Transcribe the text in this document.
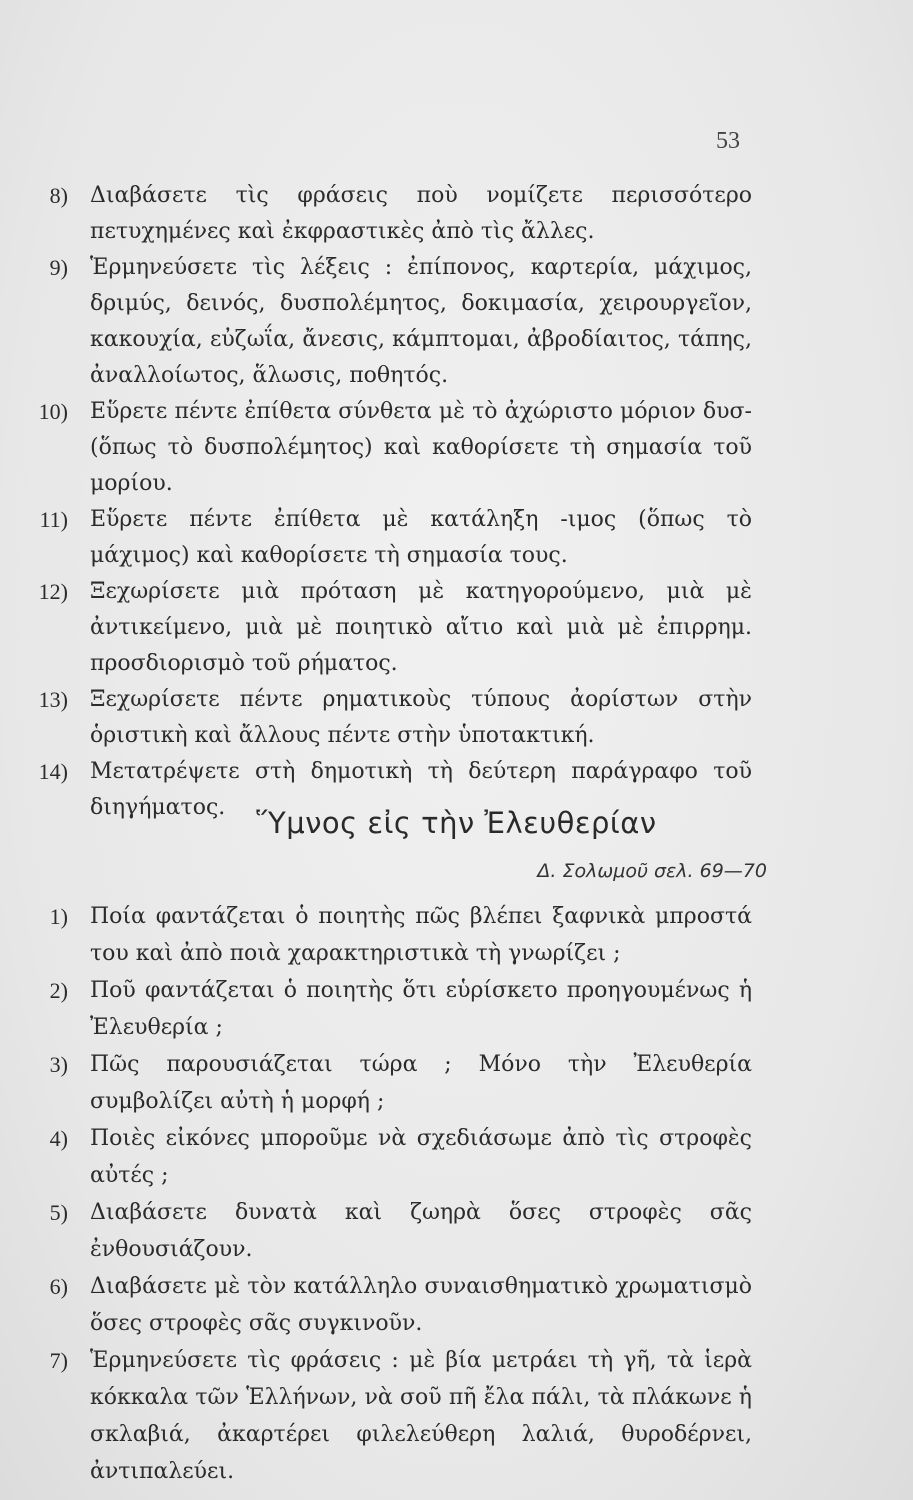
53
8) Διαβάσετε τὶς φράσεις ποὺ νομίζετε περισσότερο πετυχημένες καὶ ἐκφραστικὲς ἀπὸ τὶς ἄλλες.
9) Ἑρμηνεύσετε τὶς λέξεις : ἐπίπονος, καρτερία, μάχιμος, δριμύς, δεινός, δυσπολέμητος, δοκιμασία, χειρουργεῖον, κακουχία, εὐζωΐα, ἄνεσις, κάμπτομαι, ἀβροδίαιτος, τάπης, ἀναλλοίωτος, ἅλωσις, ποθητός.
10) Εὕρετε πέντε ἐπίθετα σύνθετα μὲ τὸ ἀχώριστο μόριον δυσ- (ὅπως τὸ δυσπολέμητος) καὶ καθορίσετε τὴ σημασία τοῦ μορίου.
11) Εὕρετε πέντε ἐπίθετα μὲ κατάληξη -ιμος (ὅπως τὸ μάχιμος) καὶ καθορίσετε τὴ σημασία τους.
12) Ξεχωρίσετε μιὰ πρόταση μὲ κατηγορούμενο, μιὰ μὲ ἀντικείμενο, μιὰ μὲ ποιητικὸ αἴτιο καὶ μιὰ μὲ ἐπιρρημ. προσδιορισμὸ τοῦ ρήματος.
13) Ξεχωρίσετε πέντε ρηματικοὺς τύπους ἀορίστων στὴν ὁριστικὴ καὶ ἄλλους πέντε στὴν ὑποτακτική.
14) Μετατρέψετε στὴ δημοτικὴ τὴ δεύτερη παράγραφο τοῦ διηγήματος.	Ὕμνος εἰς τὴν Ἐλευθερίαν
Δ. Σολωμοῦ σελ. 69—70
1) Ποία φαντάζεται ὁ ποιητὴς πῶς βλέπει ξαφνικὰ μπροστά του καὶ ἀπὸ ποιὰ χαρακτηριστικὰ τὴ γνωρίζει ;
2) Ποῦ φαντάζεται ὁ ποιητὴς ὅτι εὑρίσκετο προηγουμένως ἡ Ἐλευθερία ;
3) Πῶς παρουσιάζεται τώρα ; Μόνο τὴν Ἐλευθερία συμβολίζει αὐτὴ ἡ μορφή ;
4) Ποιὲς εἰκόνες μποροῦμε νὰ σχεδιάσωμε ἀπὸ τὶς στροφὲς αὐτές ;
5) Διαβάσετε δυνατὰ καὶ ζωηρὰ ὅσες στροφὲς σᾶς ἐνθουσιάζουν.
6) Διαβάσετε μὲ τὸν κατάλληλο συναισθηματικὸ χρωματισμὸ ὅσες στροφὲς σᾶς συγκινοῦν.
7) Ἑρμηνεύσετε τὶς φράσεις : μὲ βία μετράει τὴ γῆ, τὰ ἱερὰ κόκκαλα τῶν Ἑλλήνων, νὰ σοῦ πῆ ἔλα πάλι, τὰ πλάκωνε ἡ σκλαβιά, ἀκαρτέρει φιλελεύθερη λαλιά, θυροδέρνει, ἀντιπαλεύει.
